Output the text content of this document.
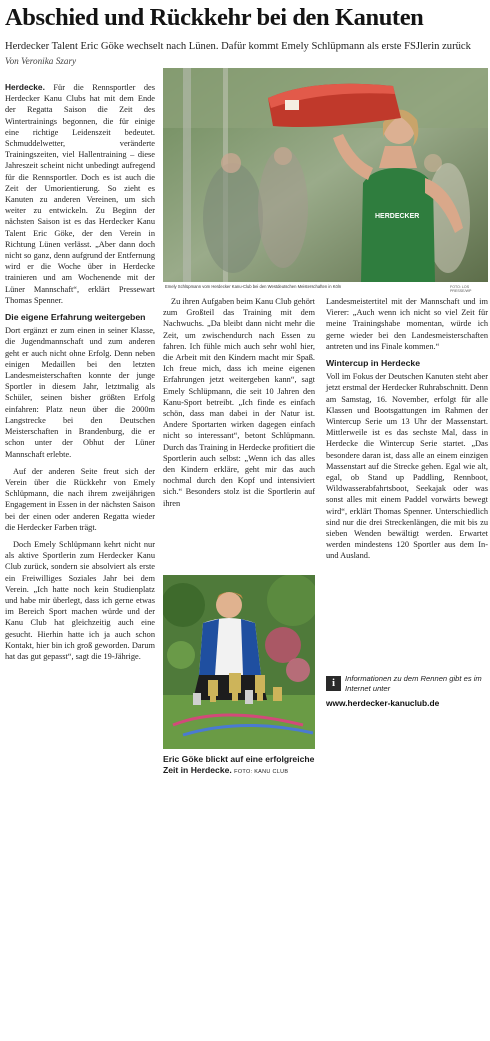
Abschied und Rückkehr bei den Kanuten
Herdecker Talent Eric Göke wechselt nach Lünen. Dafür kommt Emely Schlüpmann als erste FSJlerin zurück
Von Veronika Szary

Herdecke. Für die Rennsportler des Herdecker Kanu Clubs hat mit dem Ende der Regatta Saison die Zeit des Wintertrainings begonnen, die für einige eine richtige Leidenszeit bedeutet. Schmuddelwetter, veränderte Trainingszeiten, viel Hallentraining – diese Jahreszeit scheint nicht unbedingt aufregend für die Rennsportler. Doch es ist auch die Zeit der Umorientierung. So zieht es Kanuten zu anderen Vereinen, um sich weiter zu entwickeln. Zu Beginn der nächsten Saison ist es das Herdecker Kanu Talent Eric Göke, der den Verein in Richtung Lünen verlässt. „Aber dann doch nicht so ganz, denn aufgrund der Entfernung wird er die Woche über in Herdecke trainieren und am Wochenende mit der Lüner Mannschaft“, erklärt Pressewart Thomas Spenner.

Die eigene Erfahrung weitergeben

Dort ergänzt er zum einen in seiner Klasse, die Jugendmannschaft und zum anderen geht er auch nicht ohne Erfolg. Denn neben einigen Medaillen bei den letzten Landesmeisterschaften konnte der junge Sportler in diesem Jahr, letztmalig als Schüler, seinen bisher größten Erfolg einfahren: Platz neun über die 2000m Langstrecke bei den Deutschen Meisterschaften in Brandenburg, die er schon unter der Obhut der Lüner Mannschaft erlebte.

Auf der anderen Seite freut sich der Verein über die Rückkehr von Emely Schlüpmann, die nach ihrem zweijährigen Engagement in Essen in der nächsten Saison bei der einen oder anderen Regatta wieder die Herdecker Farben trägt.

Doch Emely Schlüpmann kehrt nicht nur als aktive Sportlerin zum Herdecker Kanu Club zurück, sondern sie absolviert als erste ein Freiwilliges Soziales Jahr bei dem Verein. „Ich hatte noch kein Studienplatz und habe mir überlegt, dass ich gerne etwas im Bereich Sport machen würde und der Kanu Club hat gleichzeitig auch eine gesucht. Hierhin hatte ich ja auch schon Kontakt, hier bin ich groß geworden. Darum hat das gut gepasst“, sagt die 19-Jährige.

HERDECKER
Emely Schlüpmann vom Herdecker Kanu-Club bei den Westdeutschen Meisterschaften in Köln	FOTO: LOS PRESSE/WP

Zu ihren Aufgaben beim Kanu Club gehört zum Großteil das Training mit dem Nachwuchs. „Da bleibt dann nicht mehr die Zeit, um zwischendurch nach Essen zu fahren. Ich fühle mich auch sehr wohl hier, die Arbeit mit den Kindern macht mir Spaß. Ich freue mich, dass ich meine eigenen Erfahrungen jetzt weitergeben kann“, sagt Emely Schlüpmann, die seit 10 Jahren den Kanu-Sport betreibt. „Ich finde es einfach schön, dass man dabei in der Natur ist. Andere Sportarten wirken dagegen einfach nicht so interessant“, betont Schlüpmann. Durch das Training in Herdecke profitiert die Sportlerin auch selbst: „Wenn ich das alles den Kindern erkläre, geht mir das auch nochmal durch den Kopf und intensiviert sich.“ Besonders stolz ist die Sportlerin auf ihren

Eric Göke blickt auf eine erfolgreiche Zeit in Herdecke. FOTO: KANU CLUB

Landesmeistertitel mit der Mannschaft und im Vierer: „Auch wenn ich nicht so viel Zeit für meine Trainingshabe momentan, würde ich gerne wieder bei den Landesmeisterschaften antreten und ins Finale kommen.“

Wintercup in Herdecke

Voll im Fokus der Deutschen Kanuten steht aber jetzt erstmal der Herdecker Ruhrabschnitt. Denn am Samstag, 16. November, erfolgt für alle Klassen und Bootsgattungen im Rahmen der Wintercup Serie um 13 Uhr der Massenstart. Mittlerweile ist es das sechste Mal, dass in Herdecke die Wintercup Serie startet. „Das besondere daran ist, dass alle an einem einzigen Massenstart auf die Strecke gehen. Egal wie alt, egal, ob Stand up Paddling, Rennboot, Wildwasserabfahrtsboot, Seekajak oder was sonst alles mit einem Paddel vorwärts bewegt wird“, erklärt Thomas Spenner. Unterschiedlich sind nur die drei Streckenlängen, die mit bis zu sieben Wenden bewältigt werden. Erwartet werden mindestens 120 Sportler aus dem In- und Ausland.

i	Informationen zu dem Rennen gibt es im Internet unter
www.herdecker-kanuclub.de
